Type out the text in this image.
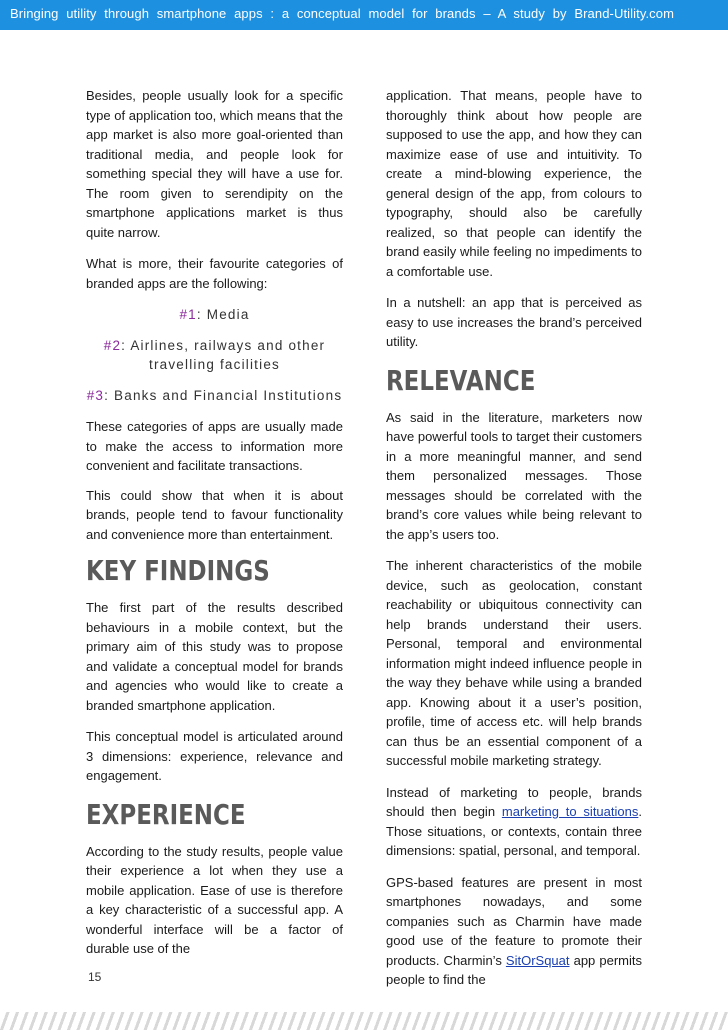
Bringing utility through smartphone apps : a conceptual model for brands – A study by Brand-Utility.com

Besides, people usually look for a specific type of application too, which means that the app market is also more goal-oriented than traditional media, and people look for something special they will have a use for. The room given to serendipity on the smartphone applications market is thus quite narrow.

What is more, their favourite categories of branded apps are the following:

#1: Media
#2: Airlines, railways and other travelling facilities
#3: Banks and Financial Institutions

These categories of apps are usually made to make the access to information more convenient and facilitate transactions.

This could show that when it is about brands, people tend to favour functionality and convenience more than entertainment.

KEY FINDINGS

The first part of the results described behaviours in a mobile context, but the primary aim of this study was to propose and validate a conceptual model for brands and agencies who would like to create a branded smartphone application.

This conceptual model is articulated around 3 dimensions: experience, relevance and engagement.

EXPERIENCE

According to the study results, people value their experience a lot when they use a mobile application. Ease of use is therefore a key characteristic of a successful app. A wonderful interface will be a factor of durable use of the

application. That means, people have to thoroughly think about how people are supposed to use the app, and how they can maximize ease of use and intuitivity. To create a mind-blowing experience, the general design of the app, from colours to typography, should also be carefully realized, so that people can identify the brand easily while feeling no impediments to a comfortable use.

In a nutshell: an app that is perceived as easy to use increases the brand’s perceived utility.

RELEVANCE

As said in the literature, marketers now have powerful tools to target their customers in a more meaningful manner, and send them personalized messages. Those messages should be correlated with the brand’s core values while being relevant to the app’s users too.

The inherent characteristics of the mobile device, such as geolocation, constant reachability or ubiquitous connectivity can help brands understand their users. Personal, temporal and environmental information might indeed influence people in the way they behave while using a branded app. Knowing about it a user’s position, profile, time of access etc. will help brands can thus be an essential component of a successful mobile marketing strategy.

Instead of marketing to people, brands should then begin marketing to situations. Those situations, or contexts, contain three dimensions: spatial, personal, and temporal.

GPS-based features are present in most smartphones nowadays, and some companies such as Charmin have made good use of the feature to promote their products. Charmin’s SitOrSquat app permits people to find the

15
